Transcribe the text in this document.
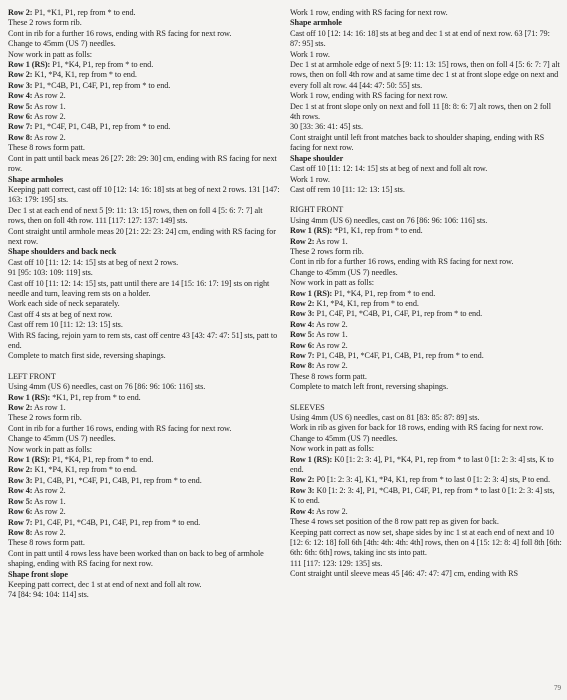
Row 2: P1, *K1, P1, rep from * to end.

These 2 rows form rib.

Cont in rib for a further 16 rows, ending with RS facing for next row.

Change to 45mm (US 7) needles.

Now work in patt as folls:

Row 1 (RS): P1, *K4, P1, rep from * to end.

Row 2: K1, *P4, K1, rep from * to end.

Row 3: P1, *C4B, P1, C4F, P1, rep from * to end.

Row 4: As row 2.

Row 5: As row 1.

Row 6: As row 2.

Row 7: P1, *C4F, P1, C4B, P1, rep from * to end.

Row 8: As row 2.

These 8 rows form patt.

Cont in patt until back meas 26 [27: 28: 29: 30] cm, ending with RS facing for next row.

Shape armholes

Keeping patt correct, cast off 10 [12: 14: 16: 18] sts at beg of next 2 rows. 131 [147: 163: 179: 195] sts.

Dec 1 st at each end of next 5 [9: 11: 13: 15] rows, then on foll 4 [5: 6: 7: 7] alt rows, then on foll 4th row. 111 [117: 127: 137: 149] sts.

Cont straight until armhole meas 20 [21: 22: 23: 24] cm, ending with RS facing for next row.

Shape shoulders and back neck

Cast off 10 [11: 12: 14: 15] sts at beg of next 2 rows.

91 [95: 103: 109: 119] sts.

Cast off 10 [11: 12: 14: 15] sts, patt until there are 14 [15: 16: 17: 19] sts on right needle and turn, leaving rem sts on a holder.

Work each side of neck separately.

Cast off 4 sts at beg of next row.

Cast off rem 10 [11: 12: 13: 15] sts.

With RS facing, rejoin yarn to rem sts, cast off centre 43 [43: 47: 47: 51] sts, patt to end.

Complete to match first side, reversing shapings.

LEFT FRONT

Using 4mm (US 6) needles, cast on 76 [86: 96: 106: 116] sts.

Row 1 (RS): *K1, P1, rep from * to end.

Row 2: As row 1.

These 2 rows form rib.

Cont in rib for a further 16 rows, ending with RS facing for next row.

Change to 45mm (US 7) needles.

Now work in patt as folls:

Row 1 (RS): P1, *K4, P1, rep from * to end.

Row 2: K1, *P4, K1, rep from * to end.

Row 3: P1, C4B, P1, *C4F, P1, C4B, P1, rep from * to end.

Row 4: As row 2.

Row 5: As row 1.

Row 6: As row 2.

Row 7: P1, C4F, P1, *C4B, P1, C4F, P1, rep from * to end.

Row 8: As row 2.

These 8 rows form patt.

Cont in patt until 4 rows less have been worked than on back to beg of armhole shaping, ending with RS facing for next row.

Shape front slope

Keeping patt correct, dec 1 st at end of next and foll alt row.

74 [84: 94: 104: 114] sts.

Work 1 row, ending with RS facing for next row.

Shape armhole

Cast off 10 [12: 14: 16: 18] sts at beg and dec 1 st at end of next row. 63 [71: 79: 87: 95] sts.

Work 1 row.

Dec 1 st at armhole edge of next 5 [9: 11: 13: 15] rows, then on foll 4 [5: 6: 7: 7] alt rows, then on foll 4th row and at same time dec 1 st at front slope edge on next and every foll alt row. 44 [44: 47: 50: 55] sts.

Work 1 row, ending with RS facing for next row.

Dec 1 st at front slope only on next and foll 11 [8: 8: 6: 7] alt rows, then on 2 foll 4th rows.

30 [33: 36: 41: 45] sts.

Cont straight until left front matches back to shoulder shaping, ending with RS facing for next row.

Shape shoulder

Cast off 10 [11: 12: 14: 15] sts at beg of next and foll alt row.

Work 1 row.

Cast off rem 10 [11: 12: 13: 15] sts.

RIGHT FRONT

Using 4mm (US 6) needles, cast on 76 [86: 96: 106: 116] sts.

Row 1 (RS): *P1, K1, rep from * to end.

Row 2: As row 1.

These 2 rows form rib.

Cont in rib for a further 16 rows, ending with RS facing for next row.

Change to 45mm (US 7) needles.

Now work in patt as folls:

Row 1 (RS): P1, *K4, P1, rep from * to end.

Row 2: K1, *P4, K1, rep from * to end.

Row 3: P1, C4F, P1, *C4B, P1, C4F, P1, rep from * to end.

Row 4: As row 2.

Row 5: As row 1.

Row 6: As row 2.

Row 7: P1, C4B, P1, *C4F, P1, C4B, P1, rep from * to end.

Row 8: As row 2.

These 8 rows form patt.

Complete to match left front, reversing shapings.

SLEEVES

Using 4mm (US 6) needles, cast on 81 [83: 85: 87: 89] sts.

Work in rib as given for back for 18 rows, ending with RS facing for next row.

Change to 45mm (US 7) needles.

Now work in patt as folls:

Row 1 (RS): K0 [1: 2: 3: 4], P1, *K4, P1, rep from * to last 0 [1: 2: 3: 4] sts, K to end.

Row 2: P0 [1: 2: 3: 4], K1, *P4, K1, rep from * to last 0 [1: 2: 3: 4] sts, P to end.

Row 3: K0 [1: 2: 3: 4], P1, *C4B, P1, C4F, P1, rep from * to last 0 [1: 2: 3: 4] sts, K to end.

Row 4: As row 2.

These 4 rows set position of the 8 row patt rep as given for back.

Keeping patt correct as now set, shape sides by inc 1 st at each end of next and 10 [12: 6: 12: 18] foll 6th [4th: 4th: 4th: 4th] rows, then on 4 [15: 12: 8: 4] foll 8th [6th: 6th: 6th: 6th] rows, taking inc sts into patt.

111 [117: 123: 129: 135] sts.

Cont straight until sleeve meas 45 [46: 47: 47: 47] cm, ending with RS

79
